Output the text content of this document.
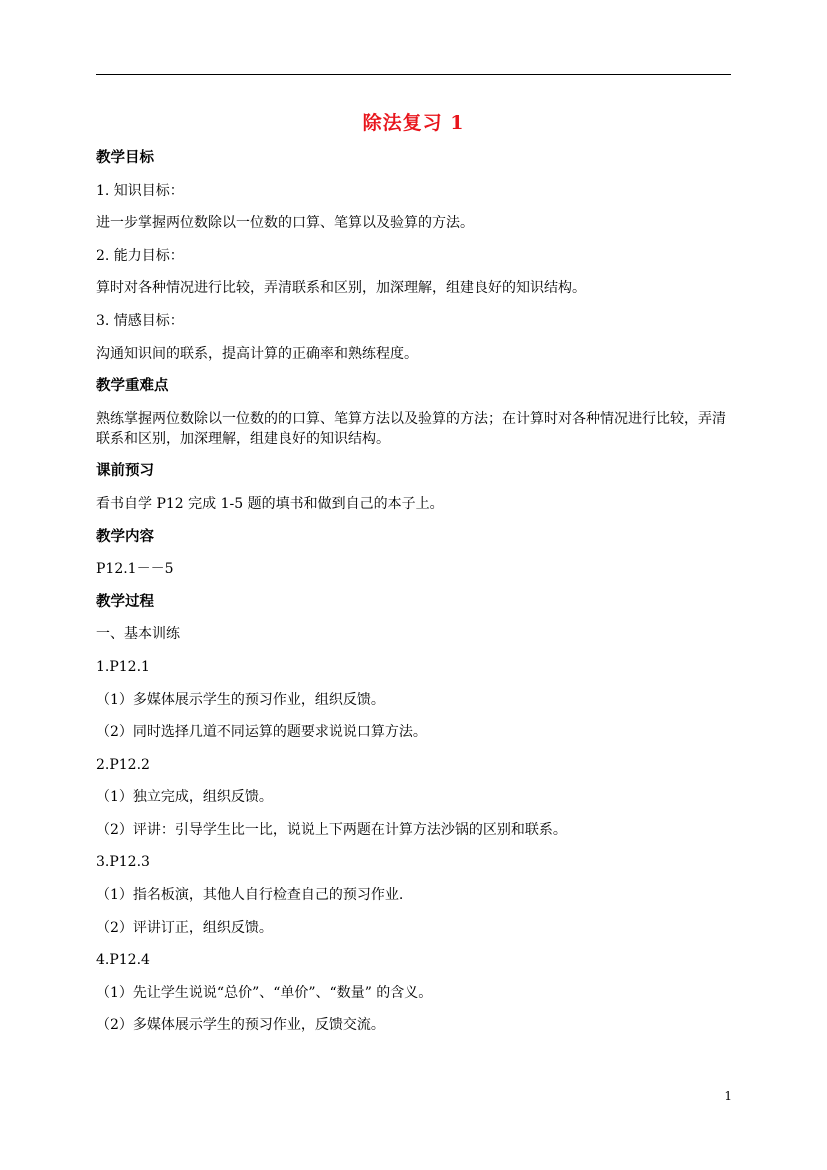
除法复习 1
教学目标
1. 知识目标：
进一步掌握两位数除以一位数的口算、笔算以及验算的方法。
2. 能力目标：
算时对各种情况进行比较，弄清联系和区别，加深理解，组建良好的知识结构。
3. 情感目标：
沟通知识间的联系，提高计算的正确率和熟练程度。
教学重难点
熟练掌握两位数除以一位数的的口算、笔算方法以及验算的方法；在计算时对各种情况进行比较，弄清联系和区别，加深理解，组建良好的知识结构。
课前预习
看书自学 P12 完成 1-5 题的填书和做到自己的本子上。
教学内容
P12.1－－5
教学过程
一、基本训练
1.P12.1
（1）多媒体展示学生的预习作业，组织反馈。
（2）同时选择几道不同运算的题要求说说口算方法。
2.P12.2
（1）独立完成，组织反馈。
（2）评讲：引导学生比一比，说说上下两题在计算方法沙锅的区别和联系。
3.P12.3
（1）指名板演，其他人自行检查自己的预习作业.
（2）评讲订正，组织反馈。
4.P12.4
（1）先让学生说说“总价”、“单价”、“数量” 的含义。
（2）多媒体展示学生的预习作业，反馈交流。
1
